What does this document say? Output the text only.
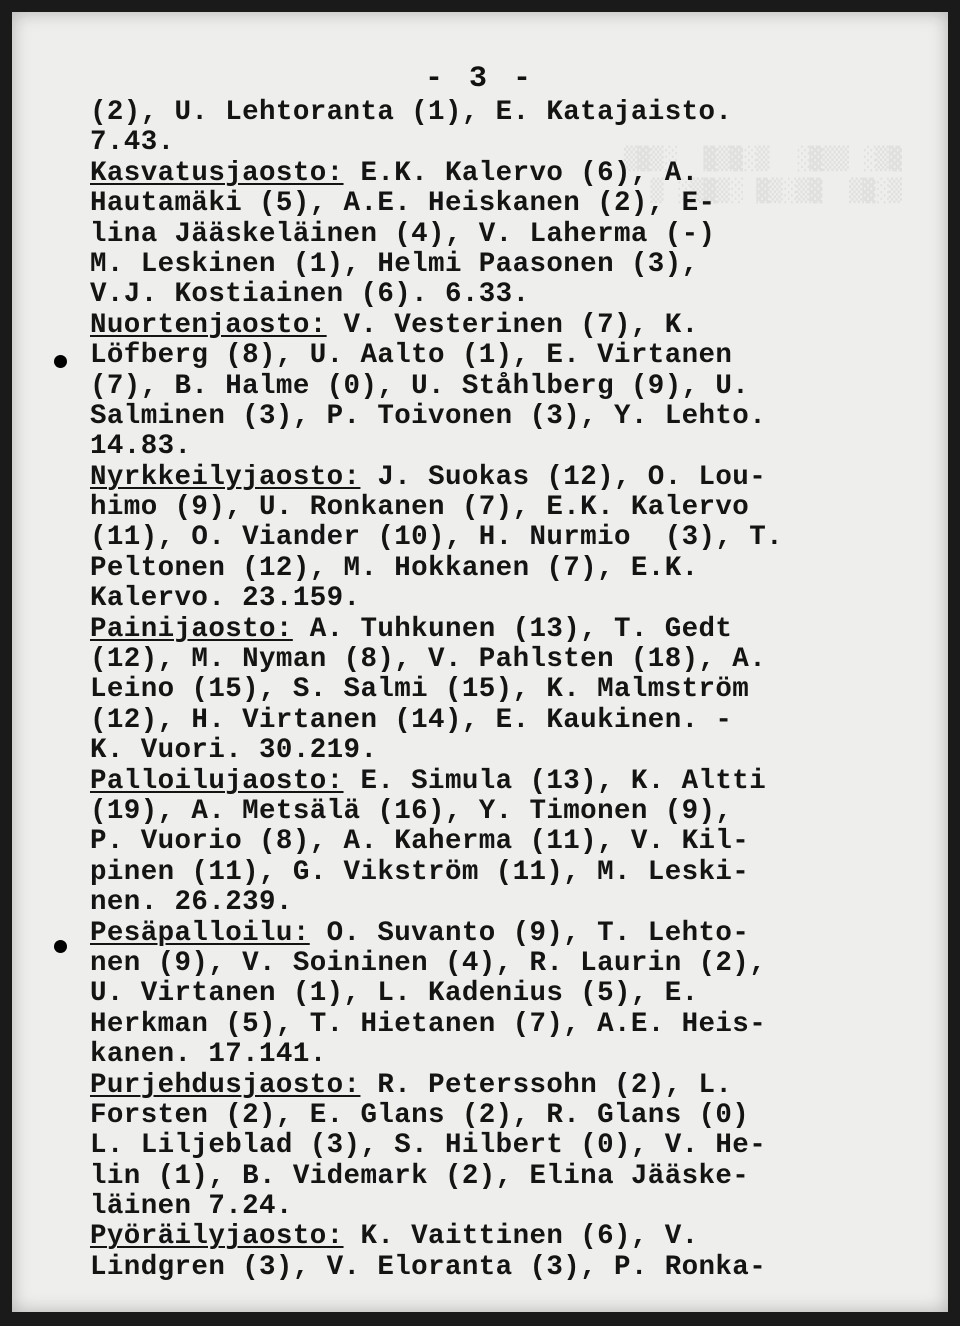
▓▒░ ▒▒▓░  ▒░▓▒▓  ░▒▓▒
▒░▓▒  ▓▒░▒▓ ░▒▓▒░ ▒

- 3 -
(2), U. Lehtoranta (1), E. Katajaisto.
7.43.
Kasvatusjaosto: E.K. Kalervo (6), A.
Hautamäki (5), A.E. Heiskanen (2), E-
lina Jääskeläinen (4), V. Laherma (-)
M. Leskinen (1), Helmi Paasonen (3),
V.J. Kostiainen (6). 6.33.
Nuortenjaosto: V. Vesterinen (7), K.
Löfberg (8), U. Aalto (1), E. Virtanen
(7), B. Halme (0), U. Ståhlberg (9), U.
Salminen (3), P. Toivonen (3), Y. Lehto.
14.83.
Nyrkkeilyjaosto: J. Suokas (12), O. Lou-
himo (9), U. Ronkanen (7), E.K. Kalervo
(11), O. Viander (10), H. Nurmio  (3), T.
Peltonen (12), M. Hokkanen (7), E.K.
Kalervo. 23.159.
Painijaosto: A. Tuhkunen (13), T. Gedt
(12), M. Nyman (8), V. Pahlsten (18), A.
Leino (15), S. Salmi (15), K. Malmström
(12), H. Virtanen (14), E. Kaukinen. -
K. Vuori. 30.219.
Palloilujaosto: E. Simula (13), K. Altti
(19), A. Metsälä (16), Y. Timonen (9),
P. Vuorio (8), A. Kaherma (11), V. Kil-
pinen (11), G. Vikström (11), M. Leski-
nen. 26.239.
Pesäpalloilu: O. Suvanto (9), T. Lehto-
nen (9), V. Soininen (4), R. Laurin (2),
U. Virtanen (1), L. Kadenius (5), E.
Herkman (5), T. Hietanen (7), A.E. Heis-
kanen. 17.141.
Purjehdusjaosto: R. Peterssohn (2), L.
Forsten (2), E. Glans (2), R. Glans (0)
L. Liljeblad (3), S. Hilbert (0), V. He-
lin (1), B. Videmark (2), Elina Jääske-
läinen 7.24.
Pyöräilyjaosto: K. Vaittinen (6), V.
Lindgren (3), V. Eloranta (3), P. Ronka-
